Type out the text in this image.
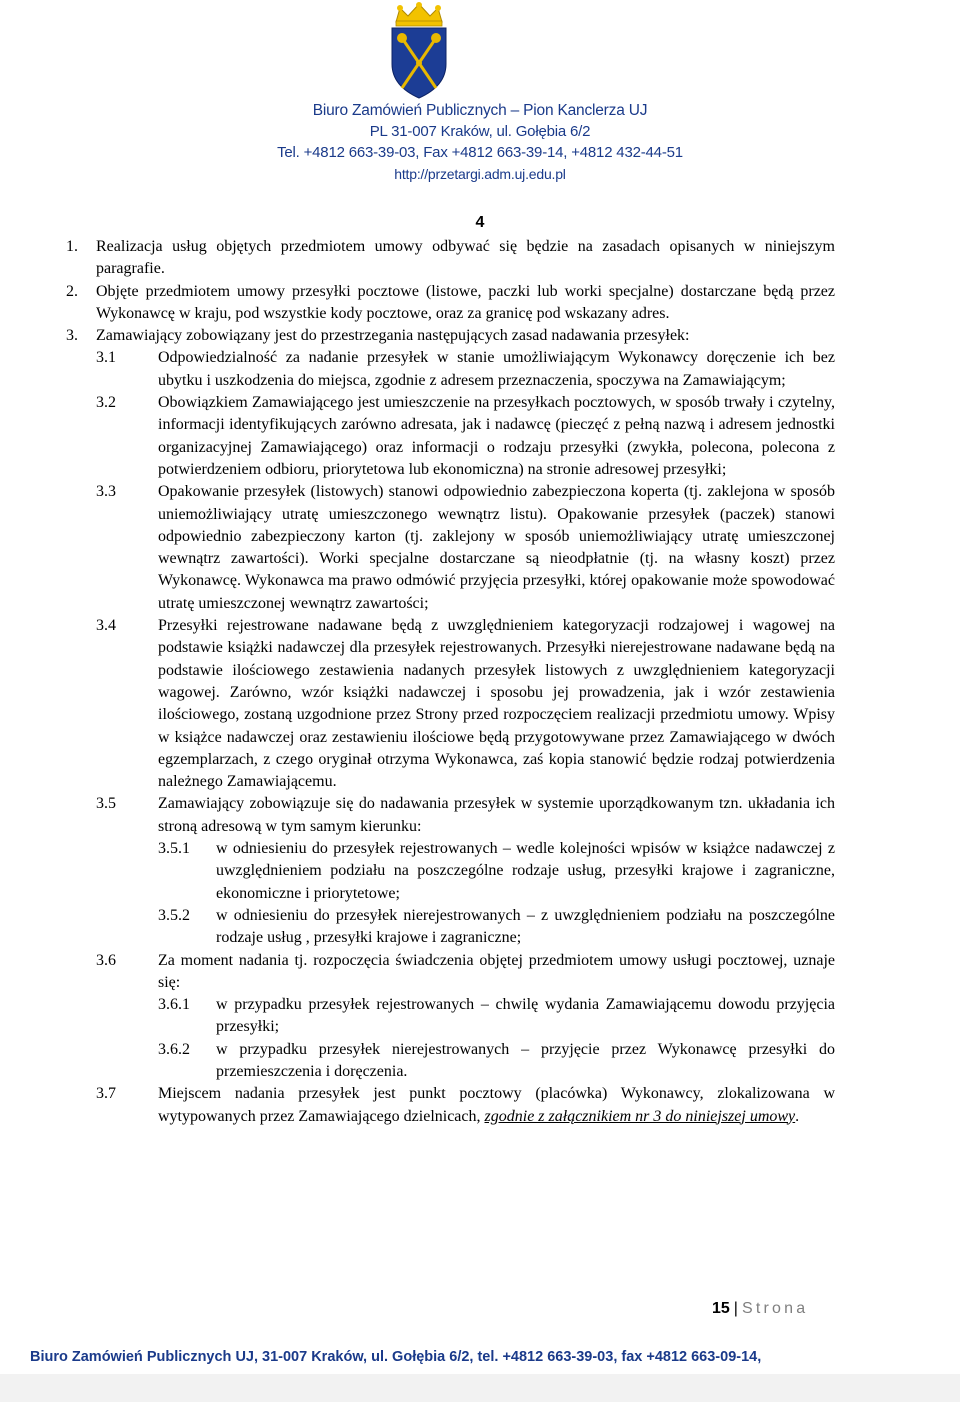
Biuro Zamówień Publicznych – Pion Kanclerza UJ
PL 31-007 Kraków, ul. Gołębia 6/2
Tel. +4812 663-39-03, Fax +4812 663-39-14, +4812 432-44-51
http://przetargi.adm.uj.edu.pl
4
1. Realizacja usług objętych przedmiotem umowy odbywać się będzie na zasadach opisanych w niniejszym paragrafie.
2. Objęte przedmiotem umowy przesyłki pocztowe (listowe, paczki lub worki specjalne) dostarczane będą przez Wykonawcę w kraju, pod wszystkie kody pocztowe, oraz za granicę pod wskazany adres.
3. Zamawiający zobowiązany jest do przestrzegania następujących zasad nadawania przesyłek:
3.1	Odpowiedzialność za nadanie przesyłek w stanie umożliwiającym Wykonawcy doręczenie ich bez ubytku i uszkodzenia do miejsca, zgodnie z adresem przeznaczenia, spoczywa na Zamawiającym;
3.2	Obowiązkiem Zamawiającego jest umieszczenie na przesyłkach pocztowych, w sposób trwały i czytelny, informacji identyfikujących zarówno adresata, jak i nadawcę (pieczęć z pełną nazwą i adresem jednostki organizacyjnej Zamawiającego) oraz informacji o rodzaju przesyłki (zwykła, polecona, polecona z potwierdzeniem odbioru, priorytetowa lub ekonomiczna) na stronie adresowej przesyłki;
3.3	Opakowanie przesyłek (listowych) stanowi odpowiednio zabezpieczona koperta (tj. zaklejona w sposób uniemożliwiający utratę umieszczonego wewnątrz listu). Opakowanie przesyłek (paczek) stanowi odpowiednio zabezpieczony karton (tj. zaklejony w sposób uniemożliwiający utratę umieszczonej wewnątrz zawartości). Worki specjalne dostarczane są nieodpłatnie (tj. na własny koszt) przez Wykonawcę. Wykonawca ma prawo odmówić przyjęcia przesyłki, której opakowanie może spowodować utratę umieszczonej wewnątrz zawartości;
3.4	Przesyłki rejestrowane nadawane będą z uwzględnieniem kategoryzacji rodzajowej i wagowej na podstawie książki nadawczej dla przesyłek rejestrowanych. Przesyłki nierejestrowane nadawane będą na podstawie ilościowego zestawienia nadanych przesyłek listowych z uwzględnieniem kategoryzacji wagowej. Zarówno, wzór książki nadawczej i sposobu jej prowadzenia, jak i wzór zestawienia ilościowego, zostaną uzgodnione przez Strony przed rozpoczęciem realizacji przedmiotu umowy. Wpisy w książce nadawczej oraz zestawieniu ilościowe będą przygotowywane przez Zamawiającego w dwóch egzemplarzach, z czego oryginał otrzyma Wykonawca, zaś kopia stanowić będzie rodzaj potwierdzenia należnego Zamawiającemu.
3.5	Zamawiający zobowiązuje się do nadawania przesyłek w systemie uporządkowanym tzn. układania ich stroną adresową w tym samym kierunku:
3.5.1 w odniesieniu do przesyłek rejestrowanych – wedle kolejności wpisów w książce nadawczej z uwzględnieniem podziału na poszczególne rodzaje usług, przesyłki krajowe i zagraniczne, ekonomiczne i priorytetowe;
3.5.2 w odniesieniu do przesyłek nierejestrowanych – z uwzględnieniem podziału na poszczególne rodzaje usług , przesyłki krajowe i zagraniczne;
3.6	Za moment nadania tj. rozpoczęcia świadczenia objętej przedmiotem umowy usługi pocztowej, uznaje się:
3.6.1 w przypadku przesyłek rejestrowanych – chwilę wydania Zamawiającemu dowodu przyjęcia przesyłki;
3.6.2 w przypadku przesyłek nierejestrowanych – przyjęcie przez Wykonawcę przesyłki do przemieszczenia i doręczenia.
3.7	Miejscem nadania przesyłek jest punkt pocztowy (placówka) Wykonawcy, zlokalizowana w wytypowanych przez Zamawiającego dzielnicach, zgodnie z załącznikiem nr 3 do niniejszej umowy.
15 | Strona
Biuro Zamówień Publicznych UJ, 31-007 Kraków, ul. Gołębia 6/2, tel. +4812 663-39-03, fax +4812 663-09-14,
